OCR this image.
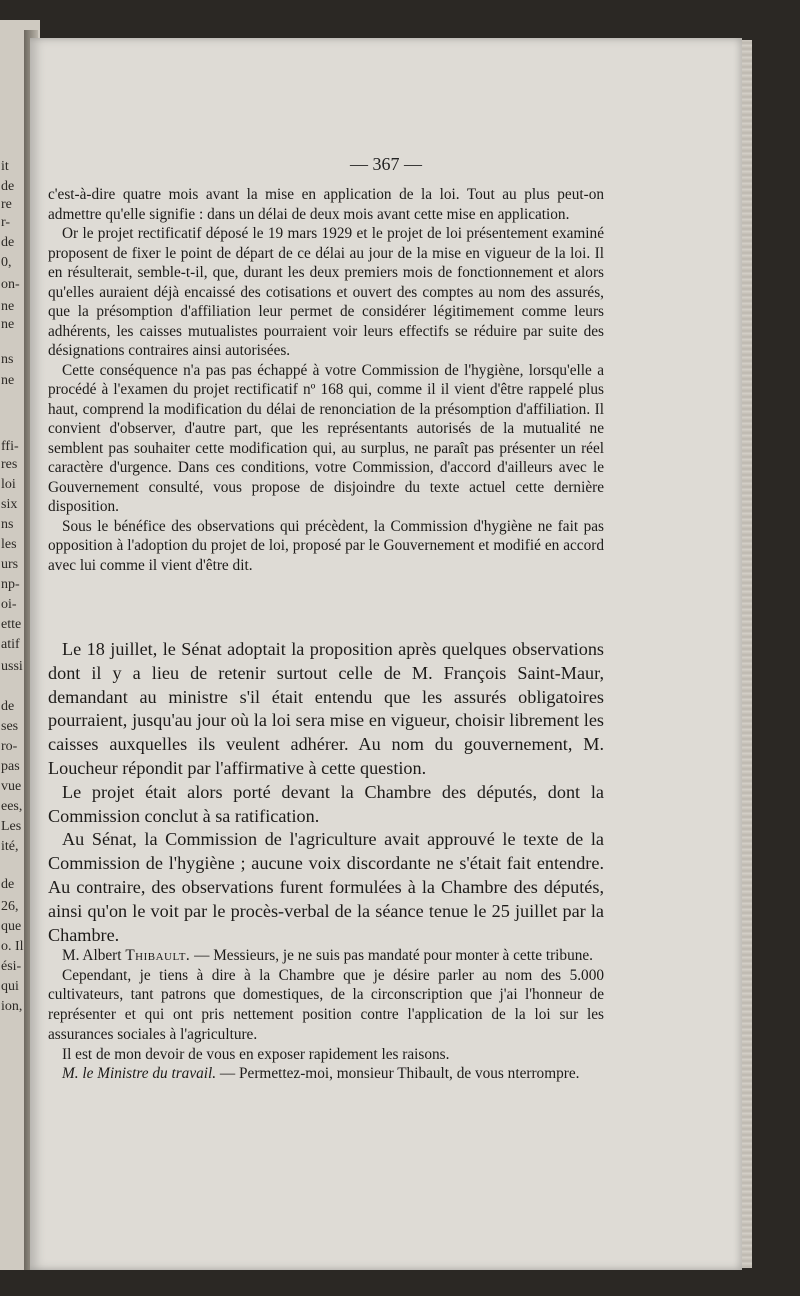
it
de
re
r-
de
0,
on-
ne
ne
ns
ne
ffi-
res
loi
six
ns
les
urs
np-
oi-
ette
atif
ussi
de
ses
ro-
pas
vue
ees,
Les
ité,
de
26,
que
o. Il
ési-
qui
ion,
— 367 —

c'est-à-dire quatre mois avant la mise en application de la loi. Tout au plus peut-on admettre qu'elle signifie : dans un délai de deux mois avant cette mise en application.

Or le projet rectificatif déposé le 19 mars 1929 et le projet de loi présentement examiné proposent de fixer le point de départ de ce délai au jour de la mise en vigueur de la loi. Il en résulterait, semble-t-il, que, durant les deux premiers mois de fonctionnement et alors qu'elles auraient déjà encaissé des cotisations et ouvert des comptes au nom des assurés, que la présomption d'affiliation leur permet de considérer légitimement comme leurs adhérents, les caisses mutualistes pourraient voir leurs effectifs se réduire par suite des désignations contraires ainsi autorisées.

Cette conséquence n'a pas pas échappé à votre Commission de l'hygiène, lorsqu'elle a procédé à l'examen du projet rectificatif nº 168 qui, comme il il vient d'être rappelé plus haut, comprend la modification du délai de renonciation de la présomption d'affiliation. Il convient d'observer, d'autre part, que les représentants autorisés de la mutualité ne semblent pas souhaiter cette modification qui, au surplus, ne paraît pas présenter un réel caractère d'urgence. Dans ces conditions, votre Commission, d'accord d'ailleurs avec le Gouvernement consulté, vous propose de disjoindre du texte actuel cette dernière disposition.

Sous le bénéfice des observations qui précèdent, la Commission d'hygiène ne fait pas opposition à l'adoption du projet de loi, proposé par le Gouvernement et modifié en accord avec lui comme il vient d'être dit.

Le 18 juillet, le Sénat adoptait la proposition après quelques observations dont il y a lieu de retenir surtout celle de M. François Saint-Maur, demandant au ministre s'il était entendu que les assurés obligatoires pourraient, jusqu'au jour où la loi sera mise en vigueur, choisir librement les caisses auxquelles ils veulent adhérer. Au nom du gouvernement, M. Loucheur répondit par l'affirmative à cette question.

Le projet était alors porté devant la Chambre des députés, dont la Commission conclut à sa ratification.

Au Sénat, la Commission de l'agriculture avait approuvé le texte de la Commission de l'hygiène ; aucune voix discordante ne s'était fait entendre. Au contraire, des observations furent formulées à la Chambre des députés, ainsi qu'on le voit par le procès-verbal de la séance tenue le 25 juillet par la Chambre.

M. Albert Thibault. — Messieurs, je ne suis pas mandaté pour monter à cette tribune.

Cependant, je tiens à dire à la Chambre que je désire parler au nom des 5.000 cultivateurs, tant patrons que domestiques, de la circonscription que j'ai l'honneur de représenter et qui ont pris nettement position contre l'application de la loi sur les assurances sociales à l'agriculture.

Il est de mon devoir de vous en exposer rapidement les raisons.

M. le Ministre du travail. — Permettez-moi, monsieur Thibault, de vous nterrompre.
